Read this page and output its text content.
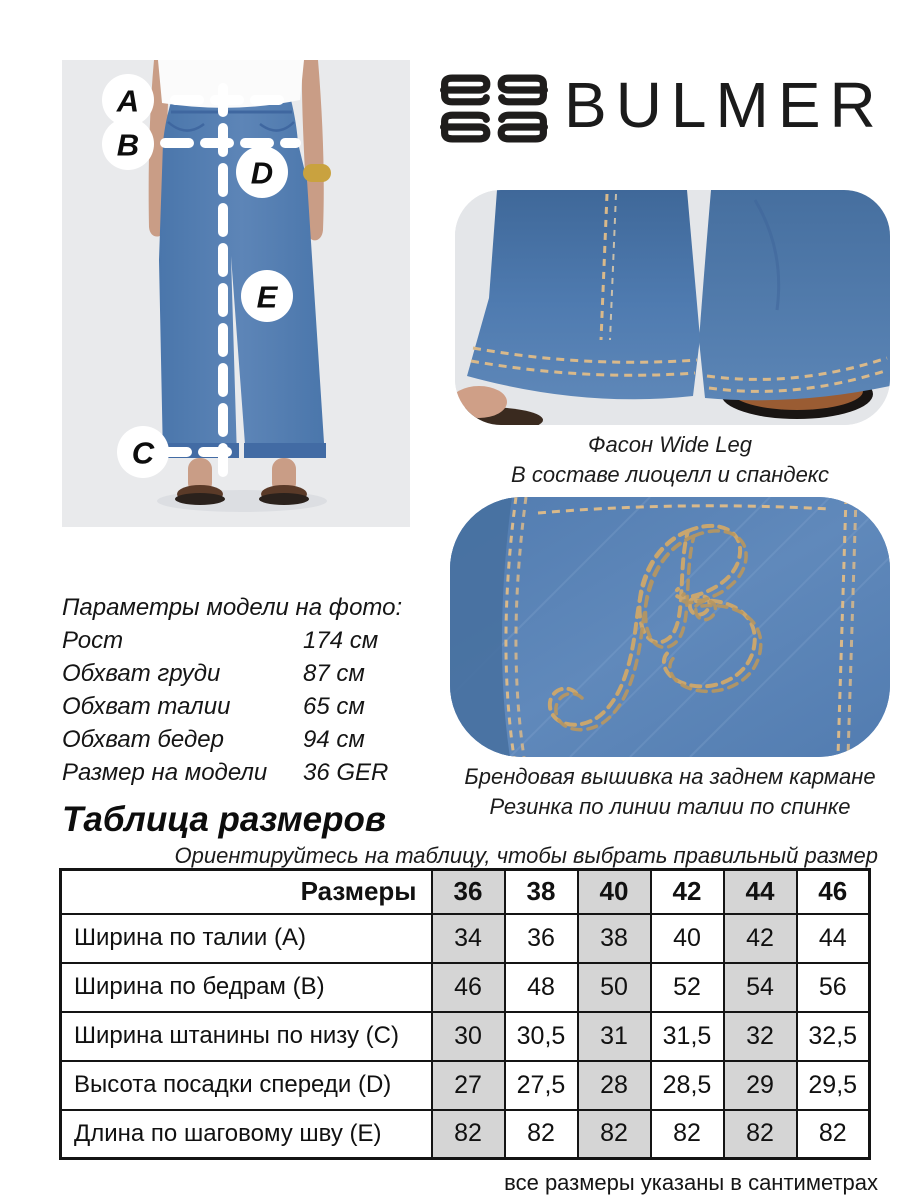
A
B
D
E
C
BULMER
Фасон Wide Leg
В составе лиоцелл и спандекс
Брендовая вышивка на заднем кармане
Резинка по линии талии по спинке
Параметры модели на фото:
Рост	174 см
Обхват груди	87 см
Обхват талии	65 см
Обхват бедер	94 см
Размер на модели 36 GER
Таблица размеров
Ориентируйтесь на таблицу, чтобы выбрать правильный размер
Размеры	36	38	40	42	44	46
Ширина по талии (A)	34	36	38	40	42	44
Ширина по бедрам (B)	46	48	50	52	54	56
Ширина штанины по низу (C)	30	30,5	31	31,5	32	32,5
Высота посадки спереди (D)	27	27,5	28	28,5	29	29,5
Длина по шаговому шву (E)	82	82	82	82	82	82
все размеры указаны в сантиметрах
